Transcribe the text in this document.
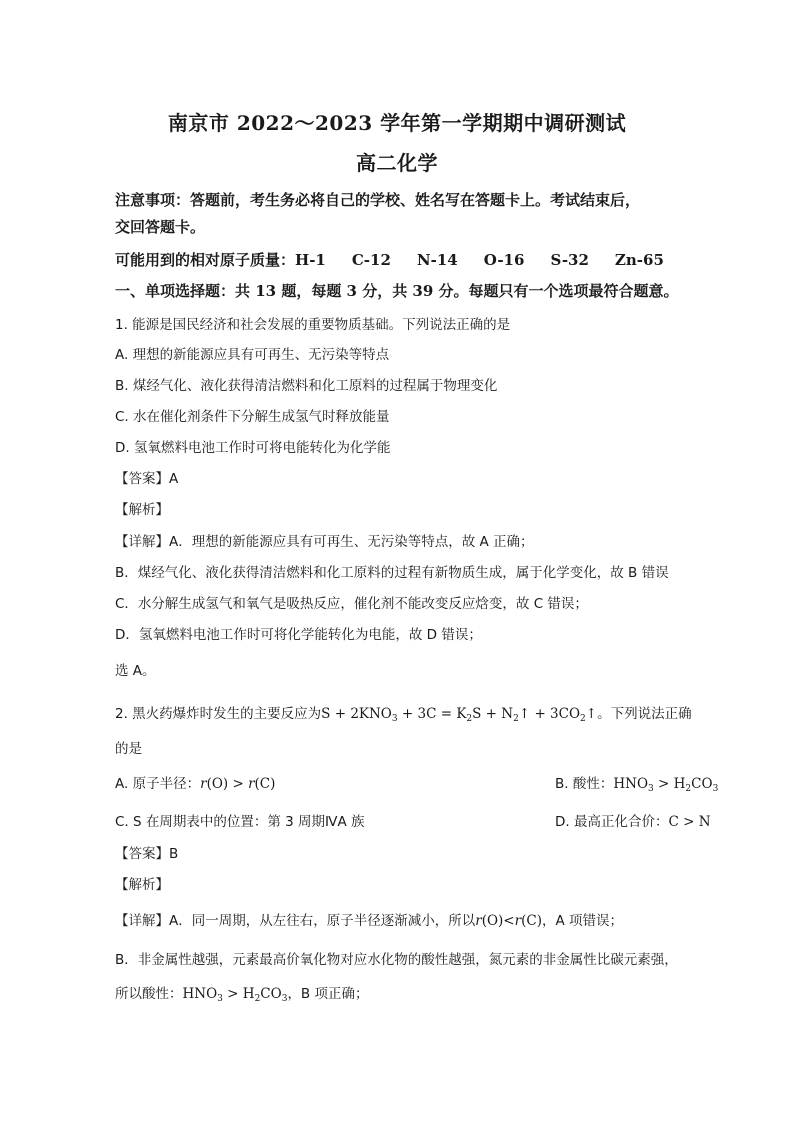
南京市 2022～2023 学年第一学期期中调研测试
高二化学
注意事项：答题前，考生务必将自己的学校、姓名写在答题卡上。考试结束后，
交回答题卡。
可能用到的相对原子质量：H-1 C-12 N-14 O-16 S-32 Zn-65
一、单项选择题：共 13 题，每题 3 分，共 39 分。每题只有一个选项最符合题意。
1. 能源是国民经济和社会发展的重要物质基础。下列说法正确的是
A. 理想的新能源应具有可再生、无污染等特点
B. 煤经气化、液化获得清洁燃料和化工原料的过程属于物理变化
C. 水在催化剂条件下分解生成氢气时释放能量
D. 氢氧燃料电池工作时可将电能转化为化学能
【答案】A
【解析】
【详解】A．理想的新能源应具有可再生、无污染等特点，故 A 正确；
B．煤经气化、液化获得清洁燃料和化工原料的过程有新物质生成，属于化学变化，故 B 错误
C．水分解生成氢气和氧气是吸热反应，催化剂不能改变反应焓变，故 C 错误；
D．氢氧燃料电池工作时可将化学能转化为电能，故 D 错误；
选 A。
2. 黑火药爆炸时发生的主要反应为$S + 2KNO_3 + 3C = K_2S$ + $N_2↑$ + $3CO_2↑$。下列说法正确
的是
A. 原子半径：r(O) > r(C)	B. 酸性：$HNO_3 > H_2CO_3$
C. S 在周期表中的位置：第 3 周期ⅣA 族	D. 最高正化合价：C > N
【答案】B
【解析】
【详解】A．同一周期，从左往右，原子半径逐渐减小，所以r(O)<r(C)，A 项错误；
B．非金属性越强，元素最高价氧化物对应水化物的酸性越强，氮元素的非金属性比碳元素强，
所以酸性：$HNO_3 > H_2CO_3$，B 项正确；
